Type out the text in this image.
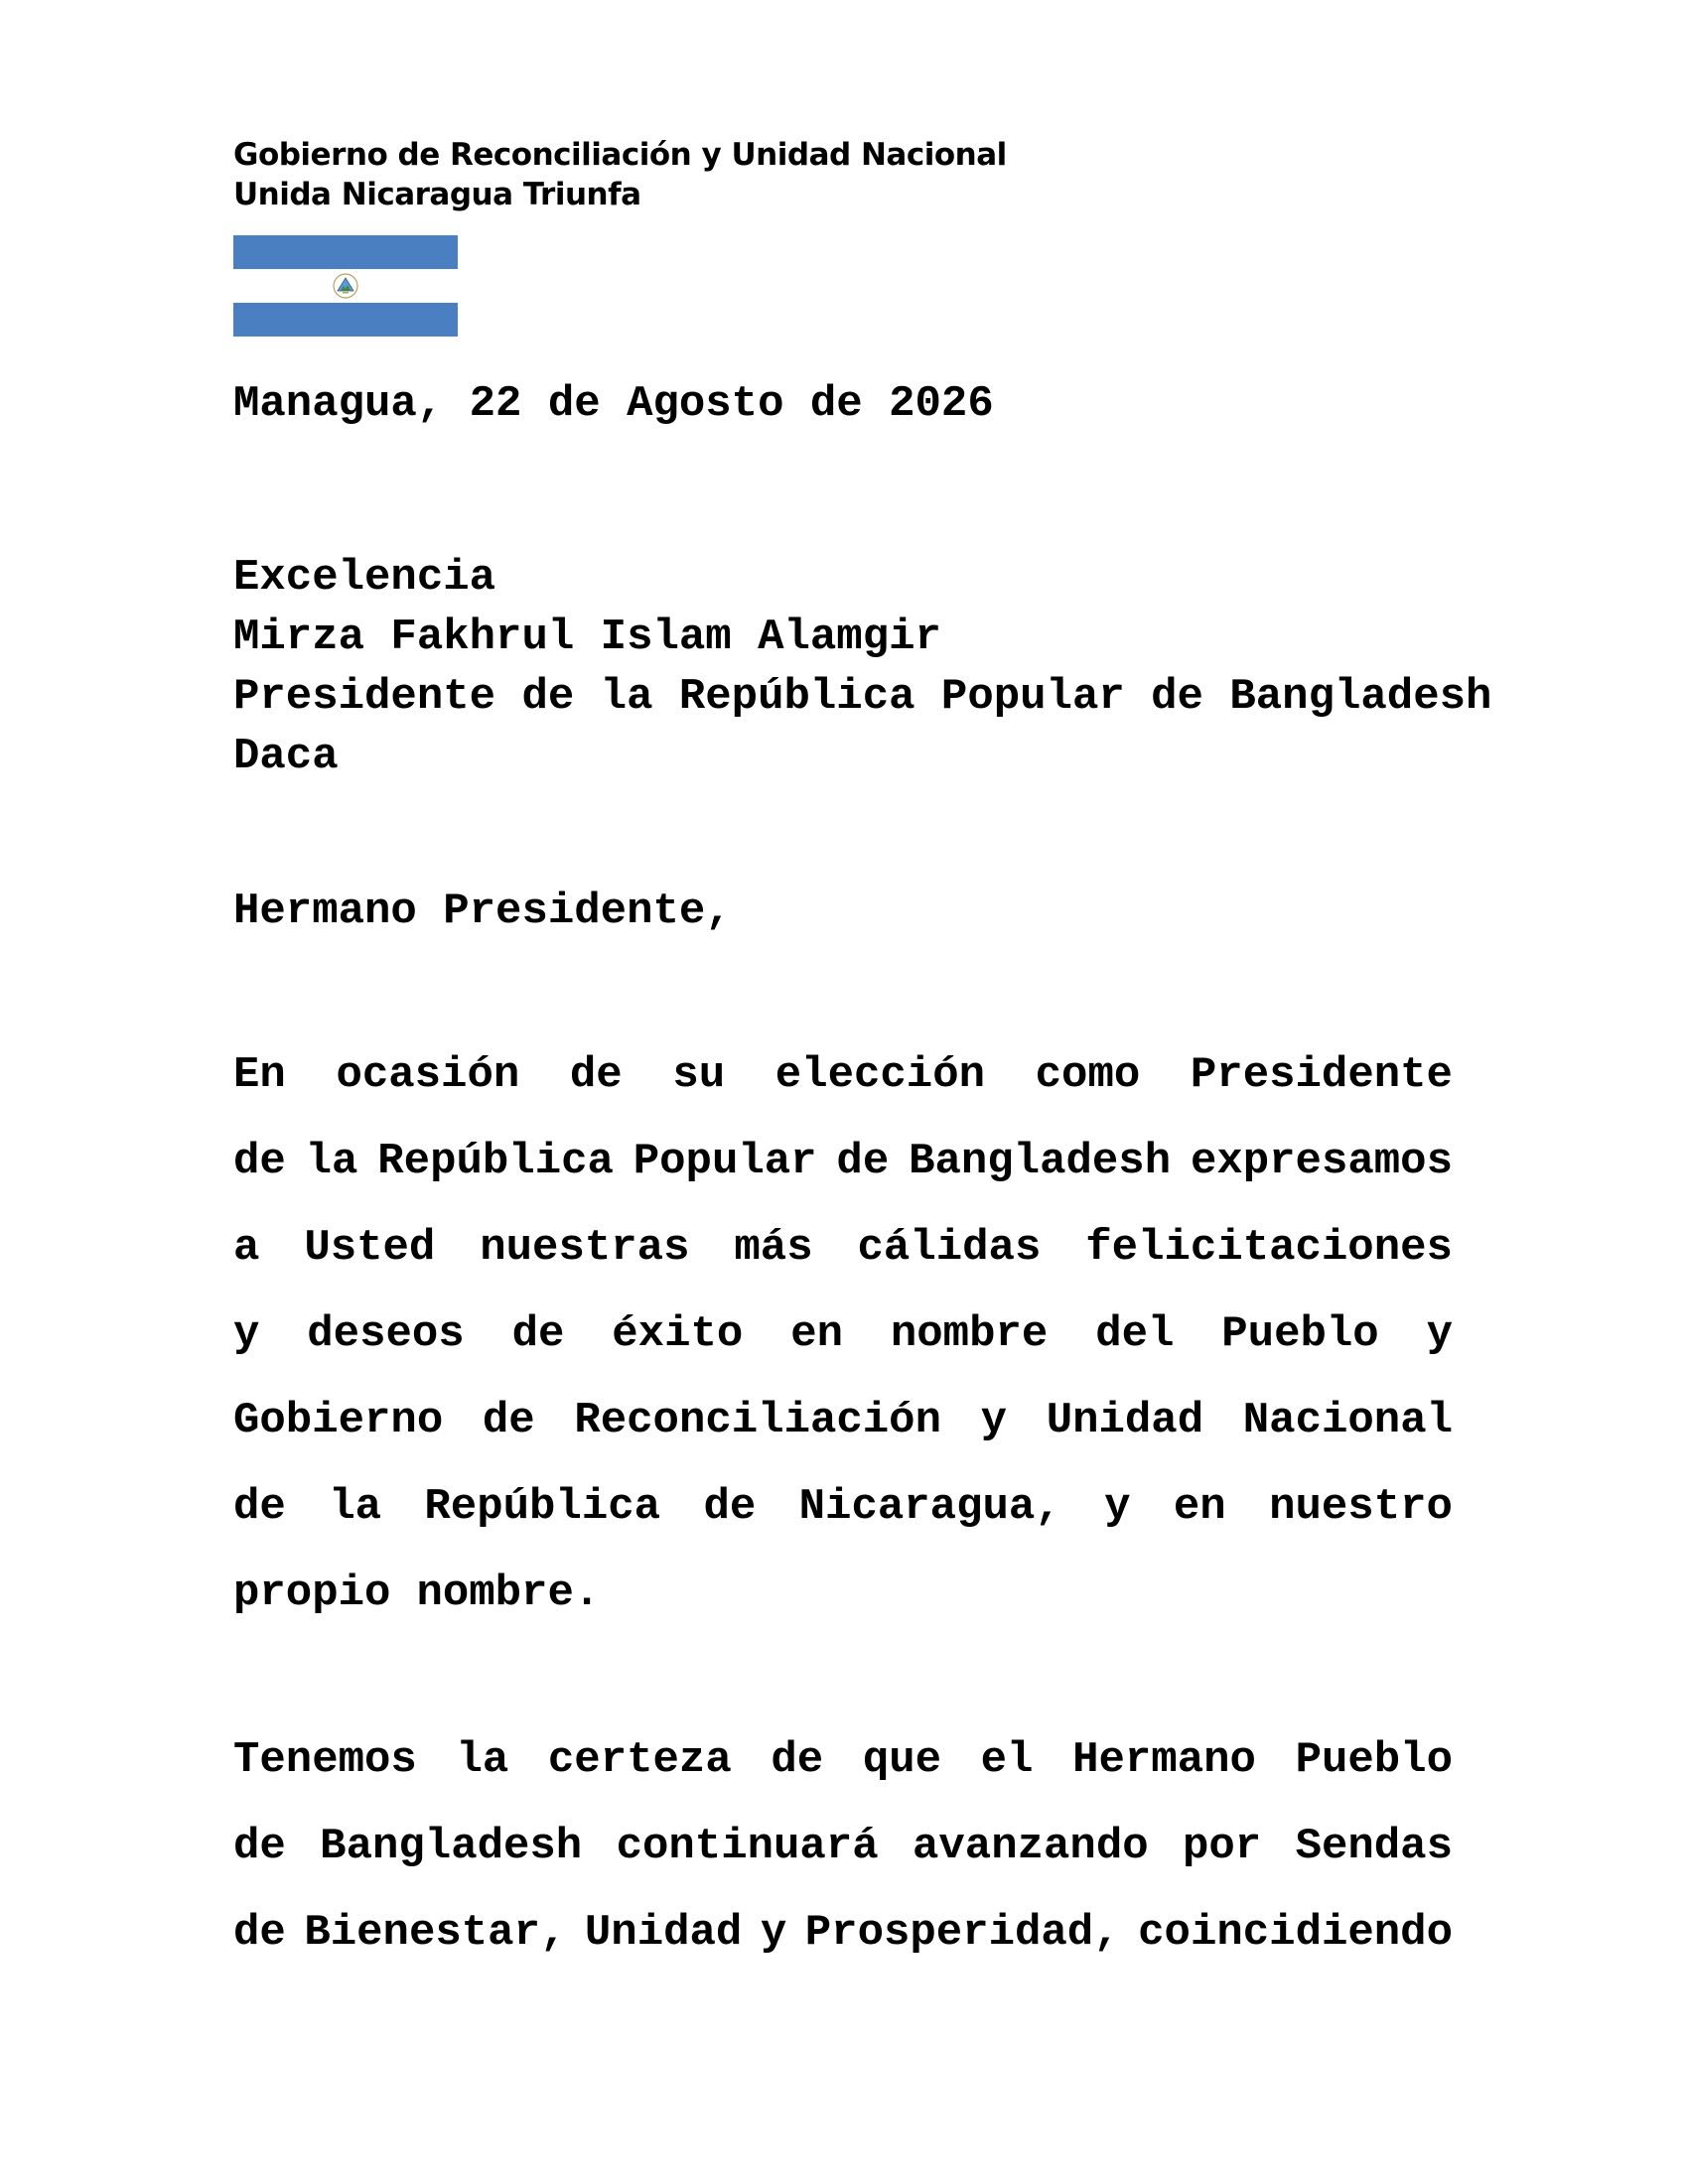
Gobierno de Reconciliación y Unidad Nacional
Unida Nicaragua Triunfa
Managua, 22 de Agosto de 2026
Excelencia
Mirza Fakhrul Islam Alamgir
Presidente de la República Popular de Bangladesh
Daca
Hermano Presidente,
En ocasión de su elección como Presidente
de la República Popular de Bangladesh expresamos
a Usted nuestras más cálidas felicitaciones
y deseos de éxito en nombre del Pueblo y
Gobierno de Reconciliación y Unidad Nacional
de la República de Nicaragua, y en nuestro
propio nombre.
Tenemos la certeza de que el Hermano Pueblo
de Bangladesh continuará avanzando por Sendas
de Bienestar, Unidad y Prosperidad, coincidiendo
